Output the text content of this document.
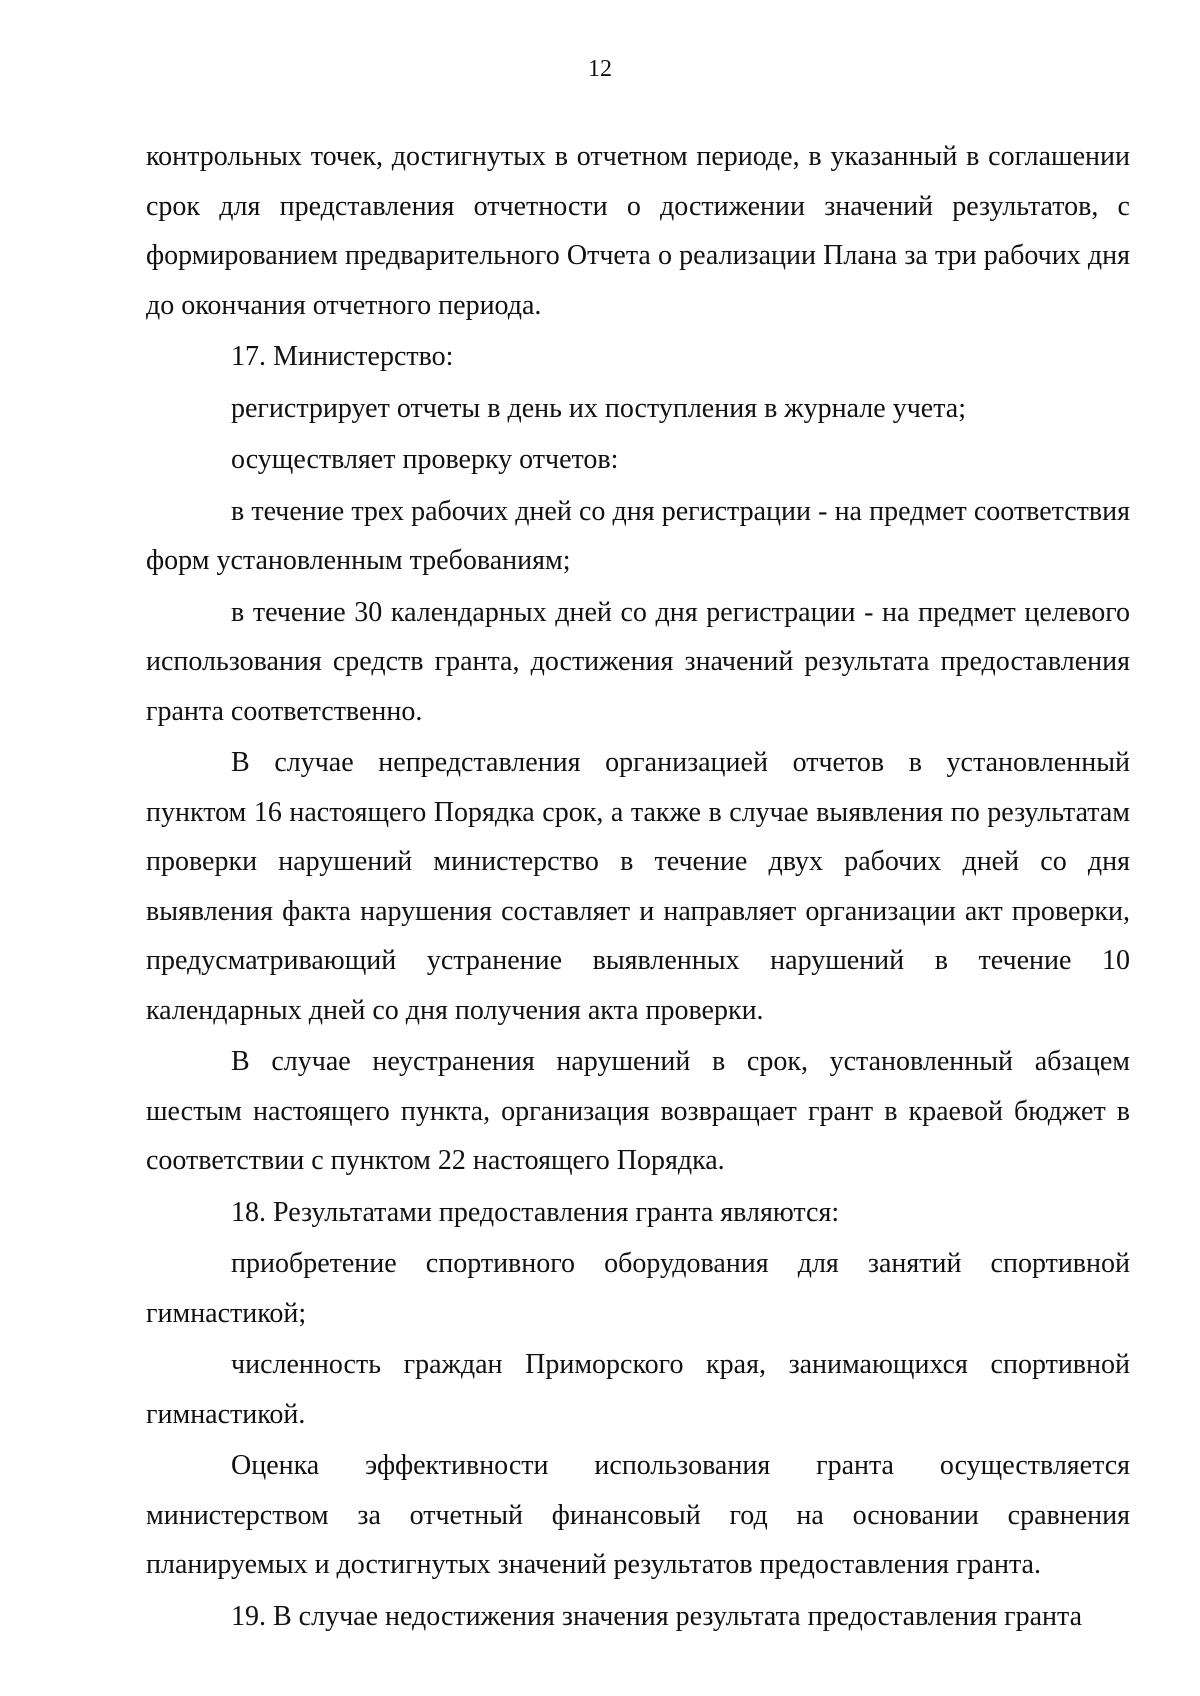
12

контрольных точек, достигнутых в отчетном периоде, в указанный в соглашении срок для представления отчетности о достижении значений результатов, с формированием предварительного Отчета о реализации Плана за три рабочих дня до окончания отчетного периода.

17. Министерство:

регистрирует отчеты в день их поступления в журнале учета;

осуществляет проверку отчетов:

в течение трех рабочих дней со дня регистрации - на предмет соответствия форм установленным требованиям;

в течение 30 календарных дней со дня регистрации - на предмет целевого использования средств гранта, достижения значений результата предоставления гранта соответственно.

В случае непредставления организацией отчетов в установленный пунктом 16 настоящего Порядка срок, а также в случае выявления по результатам проверки нарушений министерство в течение двух рабочих дней со дня выявления факта нарушения составляет и направляет организации акт проверки, предусматривающий устранение выявленных нарушений в течение 10 календарных дней со дня получения акта проверки.

В случае неустранения нарушений в срок, установленный абзацем шестым настоящего пункта, организация возвращает грант в краевой бюджет в соответствии с пунктом 22 настоящего Порядка.

18. Результатами предоставления гранта являются:

приобретение спортивного оборудования для занятий спортивной гимнастикой;

численность граждан Приморского края, занимающихся спортивной гимнастикой.

Оценка эффективности использования гранта осуществляется министерством за отчетный финансовый год на основании сравнения планируемых и достигнутых значений результатов предоставления гранта.

19. В случае недостижения значения результата предоставления гранта
